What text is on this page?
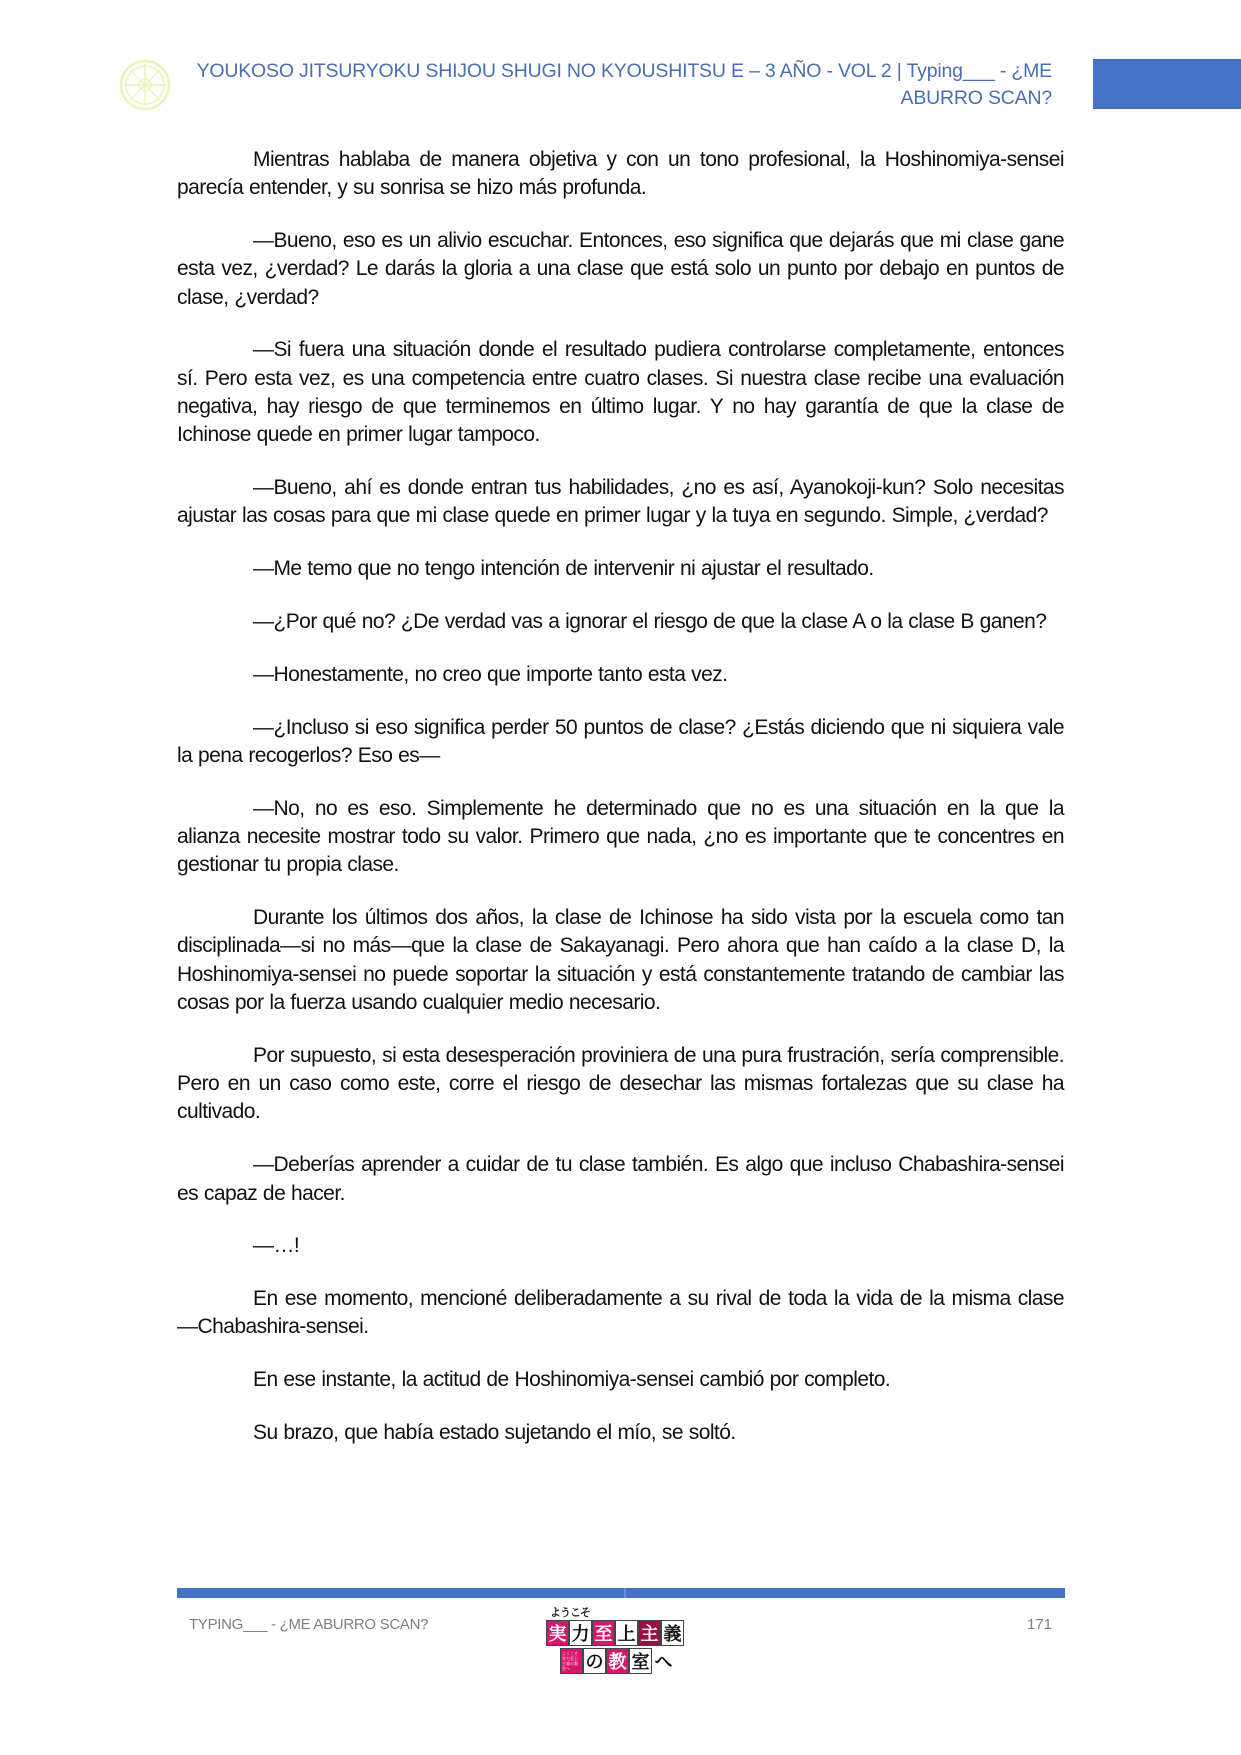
YOUKOSO JITSURYOKU SHIJOU SHUGI NO KYOUSHITSU E – 3 AÑO - VOL 2 | Typing___ - ¿ME
ABURRO SCAN?

Mientras hablaba de manera objetiva y con un tono profesional, la Hoshinomiya-sensei parecía entender, y su sonrisa se hizo más profunda.

—Bueno, eso es un alivio escuchar. Entonces, eso significa que dejarás que mi clase gane esta vez, ¿verdad? Le darás la gloria a una clase que está solo un punto por debajo en puntos de clase, ¿verdad?

—Si fuera una situación donde el resultado pudiera controlarse completamente, entonces sí. Pero esta vez, es una competencia entre cuatro clases. Si nuestra clase recibe una evaluación negativa, hay riesgo de que terminemos en último lugar. Y no hay garantía de que la clase de Ichinose quede en primer lugar tampoco.

—Bueno, ahí es donde entran tus habilidades, ¿no es así, Ayanokoji-kun? Solo necesitas ajustar las cosas para que mi clase quede en primer lugar y la tuya en segundo. Simple, ¿verdad?

—Me temo que no tengo intención de intervenir ni ajustar el resultado.

—¿Por qué no? ¿De verdad vas a ignorar el riesgo de que la clase A o la clase B ganen?

—Honestamente, no creo que importe tanto esta vez.

—¿Incluso si eso significa perder 50 puntos de clase? ¿Estás diciendo que ni siquiera vale la pena recogerlos? Eso es—

—No, no es eso. Simplemente he determinado que no es una situación en la que la alianza necesite mostrar todo su valor. Primero que nada, ¿no es importante que te concentres en gestionar tu propia clase.

Durante los últimos dos años, la clase de Ichinose ha sido vista por la escuela como tan disciplinada—si no más—que la clase de Sakayanagi. Pero ahora que han caído a la clase D, la Hoshinomiya-sensei no puede soportar la situación y está constantemente tratando de cambiar las cosas por la fuerza usando cualquier medio necesario.

Por supuesto, si esta desesperación proviniera de una pura frustración, sería comprensible. Pero en un caso como este, corre el riesgo de desechar las mismas fortalezas que su clase ha cultivado.

—Deberías aprender a cuidar de tu clase también. Es algo que incluso Chabashira-sensei es capaz de hacer.

—…!

En ese momento, mencioné deliberadamente a su rival de toda la vida de la misma clase—Chabashira-sensei.

En ese instante, la actitud de Hoshinomiya-sensei cambió por completo.

Su brazo, que había estado sujetando el mío, se soltó.

TYPING___ - ¿ME ABURRO SCAN?	171
ようこそ
実 力 至 上 主 義
ようこそ実力至上主義の教室へ の 教 室 へ
